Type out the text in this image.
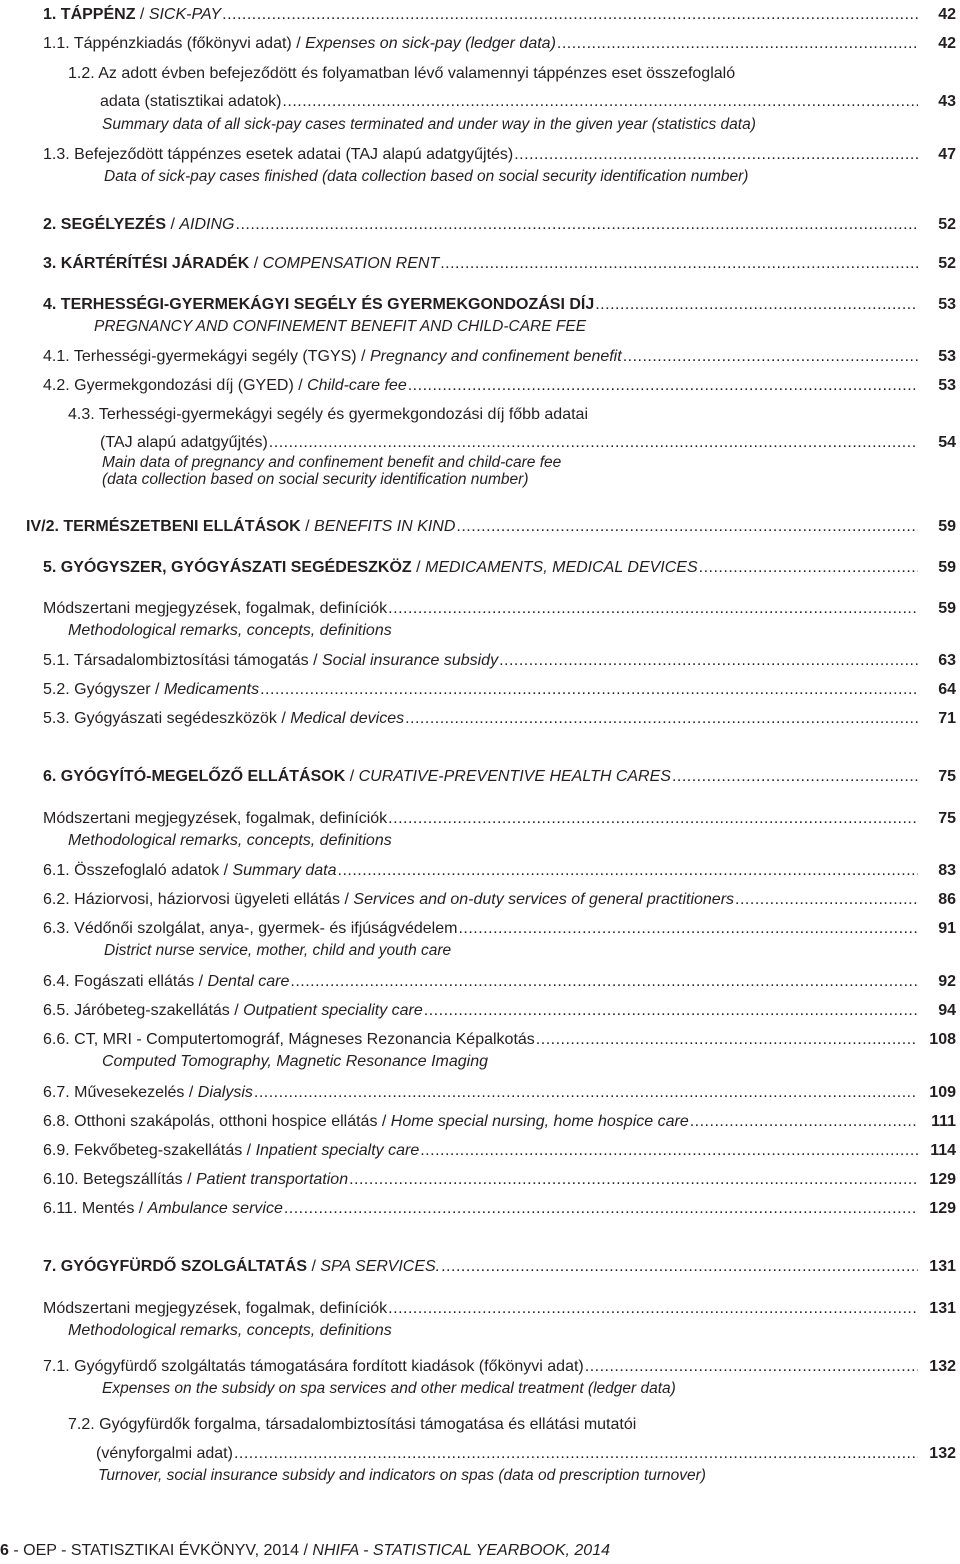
1. TÁPPÉNZ / SICK-PAY .....	42
1.1. Táppénzkiadás (főkönyvi adat) / Expenses on sick-pay (ledger data) .....	42
1.2. Az adott évben befejeződött és folyamatban lévő valamennyi táppénzes eset összefoglaló
adata (statisztikai adatok) .....	43
Summary data of all sick-pay cases terminated and under way in the given year (statistics data)
1.3. Befejeződött táppénzes esetek adatai (TAJ alapú adatgyűjtés) .....	47
Data of sick-pay cases finished (data collection based on social security identification number)
2. SEGÉLYEZÉS / AIDING .....	52
3. KÁRTÉRÍTÉSI JÁRADÉK / COMPENSATION RENT .....	52
4. TERHESSÉGI-GYERMEKÁGYI SEGÉLY ÉS GYERMEKGONDOZÁSI DÍJ .....	53
PREGNANCY AND CONFINEMENT BENEFIT AND CHILD-CARE FEE
4.1. Terhességi-gyermekágyi segély (TGYS) / Pregnancy and confinement benefit .....	53
4.2. Gyermekgondozási díj (GYED) / Child-care fee .....	53
4.3. Terhességi-gyermekágyi segély és gyermekgondozási díj főbb adatai
(TAJ alapú adatgyűjtés) .....	54
Main data of pregnancy and confinement benefit and child-care fee
(data collection based on social security identification number)
IV/2. TERMÉSZETBENI ELLÁTÁSOK / BENEFITS IN KIND .....	59
5. GYÓGYSZER, GYÓGYÁSZATI SEGÉDESZKÖZ / MEDICAMENTS, MEDICAL DEVICES .....	59
Módszertani megjegyzések, fogalmak, definíciók .....	59
Methodological remarks, concepts, definitions
5.1. Társadalombiztosítási támogatás / Social insurance subsidy .....	63
5.2. Gyógyszer / Medicaments .....	64
5.3. Gyógyászati segédeszközök / Medical devices .....	71
6. GYÓGYÍTÓ-MEGELŐZŐ ELLÁTÁSOK / CURATIVE-PREVENTIVE HEALTH CARES .....	75
Módszertani megjegyzések, fogalmak, definíciók .....	75
Methodological remarks, concepts, definitions
6.1. Összefoglaló adatok / Summary data .....	83
6.2. Háziorvosi, háziorvosi ügyeleti ellátás / Services and on-duty services of general practitioners .....	86
6.3. Védőnői szolgálat, anya-, gyermek- és ifjúságvédelem .....	91
District nurse service, mother, child and youth care
6.4. Fogászati ellátás / Dental care .....	92
6.5. Járóbeteg-szakellátás / Outpatient speciality care .....	94
6.6. CT, MRI - Computertomográf, Mágneses Rezonancia Képalkotás .....	108
Computed Tomography, Magnetic Resonance Imaging
6.7. Művesekezelés / Dialysis .....	109
6.8. Otthoni szakápolás, otthoni hospice ellátás / Home special nursing, home hospice care .....	111
6.9. Fekvőbeteg-szakellátás / Inpatient specialty care .....	114
6.10. Betegszállítás / Patient transportation .....	129
6.11. Mentés / Ambulance service .....	129
7. GYÓGYFÜRDŐ SZOLGÁLTATÁS / SPA SERVICES. .....	131
Módszertani megjegyzések, fogalmak, definíciók .....	131
Methodological remarks, concepts, definitions
7.1. Gyógyfürdő szolgáltatás támogatására fordított kiadások (főkönyvi adat) .....	132
Expenses on the subsidy on spa services and other medical treatment (ledger data)
7.2. Gyógyfürdők forgalma, társadalombiztosítási támogatása és ellátási mutatói
(vényforgalmi adat) .....	132
Turnover, social insurance subsidy and indicators on spas (data od prescription turnover)
6 - OEP - STATISZTIKAI ÉVKÖNYV, 2014 / NHIFA - STATISTICAL YEARBOOK, 2014
